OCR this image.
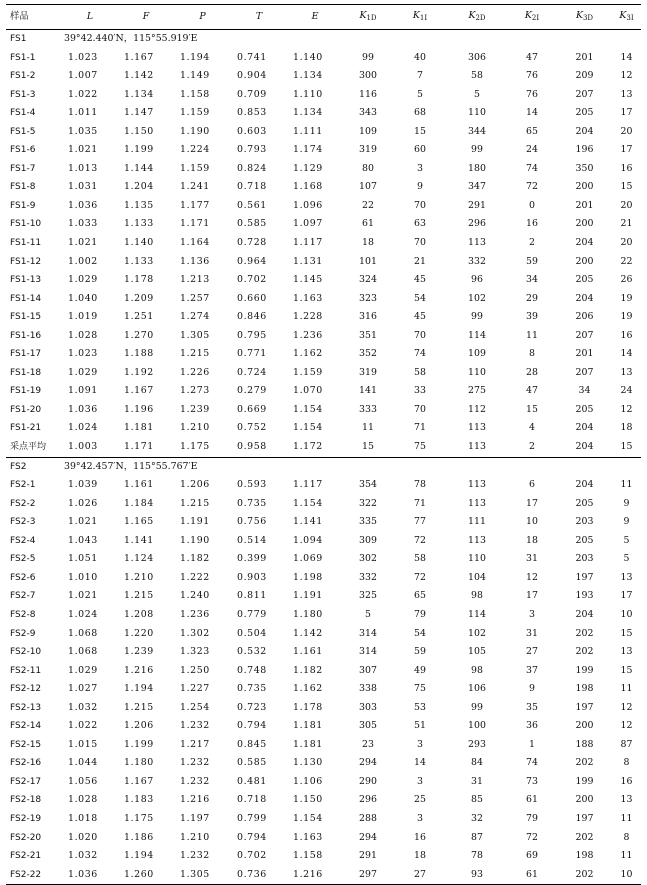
样品	L	F	P	T	E	$K_{1D}$	$K_{1I}$	$K_{2D}$	$K_{2I}$	$K_{3D}$	$K_{3I}$
FS1	39°42.440′N，115°55.919′E										
FS1-1	1.023	1.167	1.194	0.741	1.140	99	40	306	47	201	14
FS1-2	1.007	1.142	1.149	0.904	1.134	300	7	58	76	209	12
FS1-3	1.022	1.134	1.158	0.709	1.110	116	5	5	76	207	13
FS1-4	1.011	1.147	1.159	0.853	1.134	343	68	110	14	205	17
FS1-5	1.035	1.150	1.190	0.603	1.111	109	15	344	65	204	20
FS1-6	1.021	1.199	1.224	0.793	1.174	319	60	99	24	196	17
FS1-7	1.013	1.144	1.159	0.824	1.129	80	3	180	74	350	16
FS1-8	1.031	1.204	1.241	0.718	1.168	107	9	347	72	200	15
FS1-9	1.036	1.135	1.177	0.561	1.096	22	70	291	0	201	20
FS1-10	1.033	1.133	1.171	0.585	1.097	61	63	296	16	200	21
FS1-11	1.021	1.140	1.164	0.728	1.117	18	70	113	2	204	20
FS1-12	1.002	1.133	1.136	0.964	1.131	101	21	332	59	200	22
FS1-13	1.029	1.178	1.213	0.702	1.145	324	45	96	34	205	26
FS1-14	1.040	1.209	1.257	0.660	1.163	323	54	102	29	204	19
FS1-15	1.019	1.251	1.274	0.846	1.228	316	45	99	39	206	19
FS1-16	1.028	1.270	1.305	0.795	1.236	351	70	114	11	207	16
FS1-17	1.023	1.188	1.215	0.771	1.162	352	74	109	8	201	14
FS1-18	1.029	1.192	1.226	0.724	1.159	319	58	110	28	207	13
FS1-19	1.091	1.167	1.273	0.279	1.070	141	33	275	47	34	24
FS1-20	1.036	1.196	1.239	0.669	1.154	333	70	112	15	205	12
FS1-21	1.024	1.181	1.210	0.752	1.154	11	71	113	4	204	18
采点平均	1.003	1.171	1.175	0.958	1.172	15	75	113	2	204	15
FS2	39°42.457′N，115°55.767′E										
FS2-1	1.039	1.161	1.206	0.593	1.117	354	78	113	6	204	11
FS2-2	1.026	1.184	1.215	0.735	1.154	322	71	113	17	205	9
FS2-3	1.021	1.165	1.191	0.756	1.141	335	77	111	10	203	9
FS2-4	1.043	1.141	1.190	0.514	1.094	309	72	113	18	205	5
FS2-5	1.051	1.124	1.182	0.399	1.069	302	58	110	31	203	5
FS2-6	1.010	1.210	1.222	0.903	1.198	332	72	104	12	197	13
FS2-7	1.021	1.215	1.240	0.811	1.191	325	65	98	17	193	17
FS2-8	1.024	1.208	1.236	0.779	1.180	5	79	114	3	204	10
FS2-9	1.068	1.220	1.302	0.504	1.142	314	54	102	31	202	15
FS2-10	1.068	1.239	1.323	0.532	1.161	314	59	105	27	202	13
FS2-11	1.029	1.216	1.250	0.748	1.182	307	49	98	37	199	15
FS2-12	1.027	1.194	1.227	0.735	1.162	338	75	106	9	198	11
FS2-13	1.032	1.215	1.254	0.723	1.178	303	53	99	35	197	12
FS2-14	1.022	1.206	1.232	0.794	1.181	305	51	100	36	200	12
FS2-15	1.015	1.199	1.217	0.845	1.181	23	3	293	1	188	87
FS2-16	1.044	1.180	1.232	0.585	1.130	294	14	84	74	202	8
FS2-17	1.056	1.167	1.232	0.481	1.106	290	3	31	73	199	16
FS2-18	1.028	1.183	1.216	0.718	1.150	296	25	85	61	200	13
FS2-19	1.018	1.175	1.197	0.799	1.154	288	3	32	79	197	11
FS2-20	1.020	1.186	1.210	0.794	1.163	294	16	87	72	202	8
FS2-21	1.032	1.194	1.232	0.702	1.158	291	18	78	69	198	11
FS2-22	1.036	1.260	1.305	0.736	1.216	297	27	93	61	202	10
